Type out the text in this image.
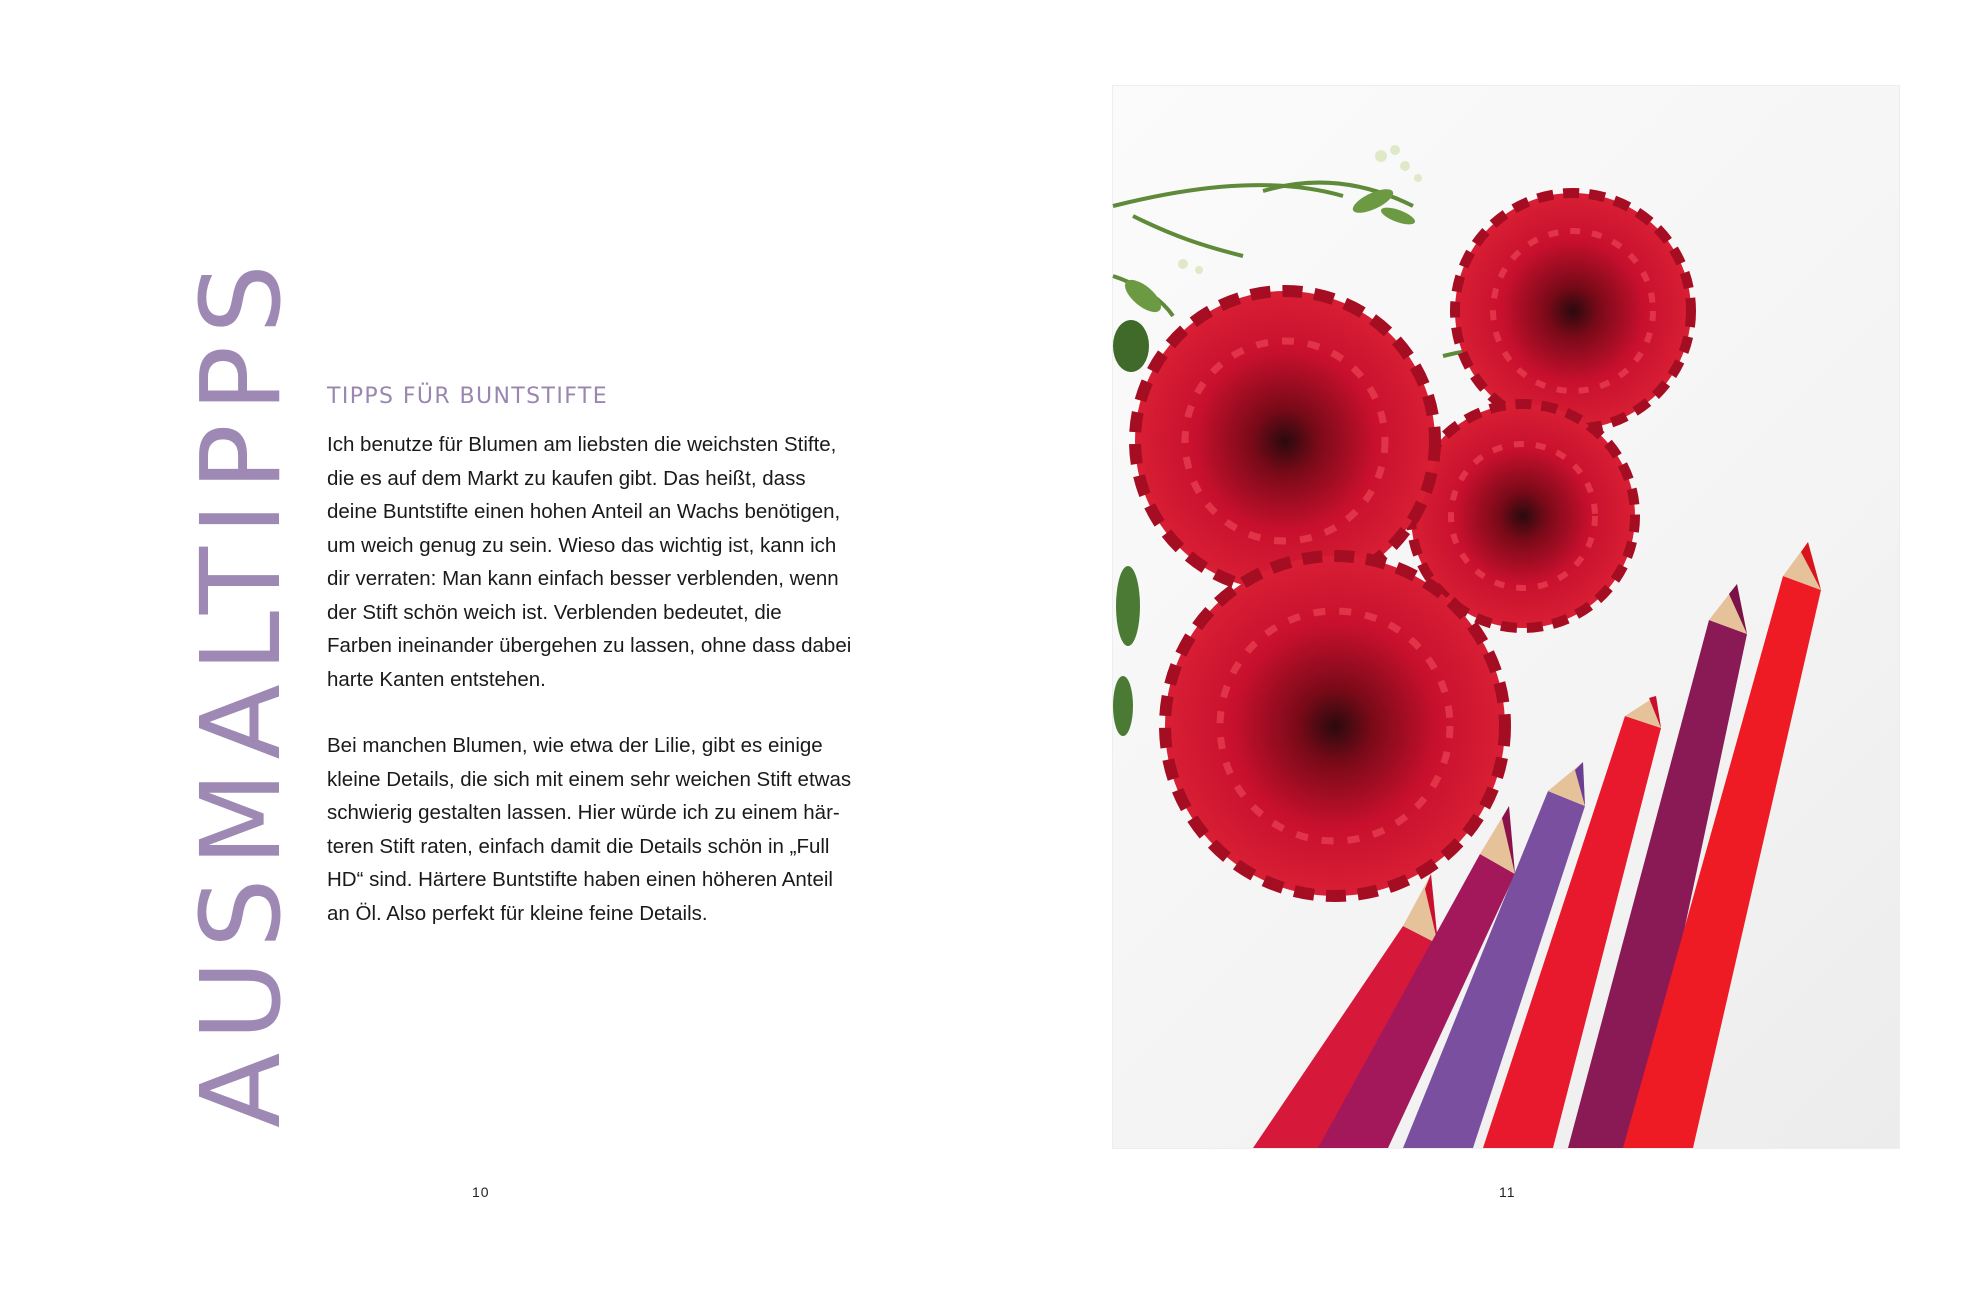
AUSMALTIPPS TIPPS FÜR BUNTSTIFTE

Ich benutze für Blumen am liebsten die weichsten Stifte,
die es auf dem Markt zu kaufen gibt. Das heißt, dass
deine Buntstifte einen hohen Anteil an Wachs benötigen,
um weich genug zu sein. Wieso das wichtig ist, kann ich
dir verraten: Man kann einfach besser verblenden, wenn
der Stift schön weich ist. Verblenden bedeutet, die
Farben ineinander übergehen zu lassen, ohne dass dabei
harte Kanten entstehen.

Bei manchen Blumen, wie etwa der Lilie, gibt es einige
kleine Details, die sich mit einem sehr weichen Stift etwas
schwierig gestalten lassen. Hier würde ich zu einem här-
teren Stift raten, einfach damit die Details schön in „Full
HD“ sind. Härtere Buntstifte haben einen höheren Anteil
an Öl. Also perfekt für kleine feine Details.

10	11
